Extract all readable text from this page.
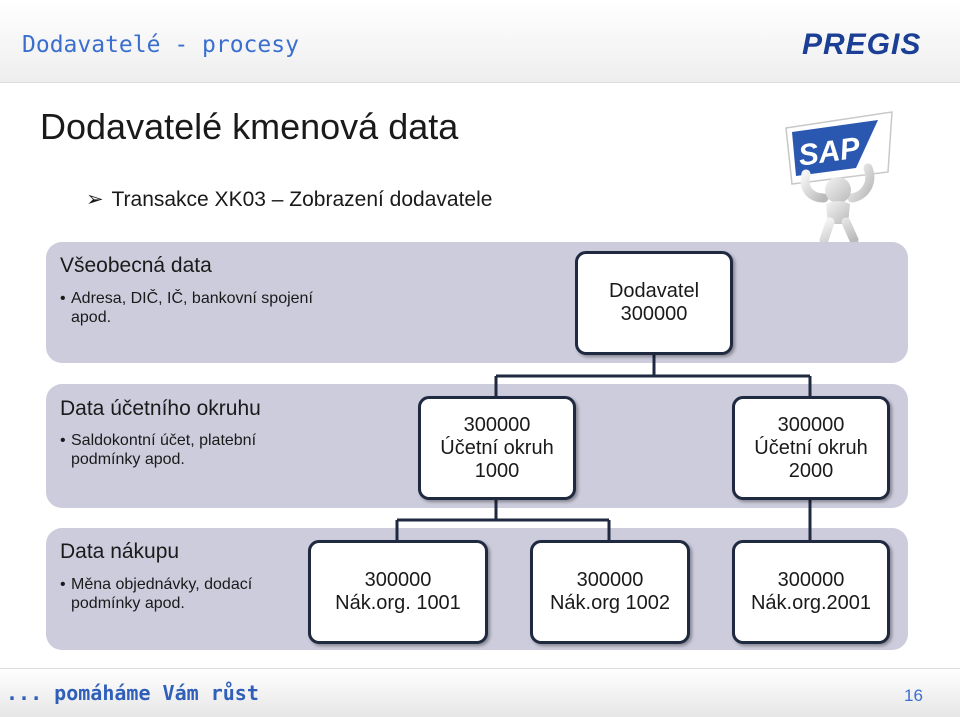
Dodavatelé - procesy	PREGIS
Dodavatelé kmenová data
➢ Transakce XK03 – Zobrazení dodavatele
SAP
Všeobecná data
• Adresa, DIČ, IČ, bankovní spojení apod.
Data účetního okruhu
• Saldokontní účet, platební podmínky apod.
Data nákupu
• Měna objednávky, dodací podmínky apod.
Dodavatel
300000
300000
Účetní okruh
1000
300000
Účetní okruh
2000
300000
Nák.org. 1001
300000
Nák.org 1002
300000
Nák.org.2001
... pomáháme Vám růst	16
